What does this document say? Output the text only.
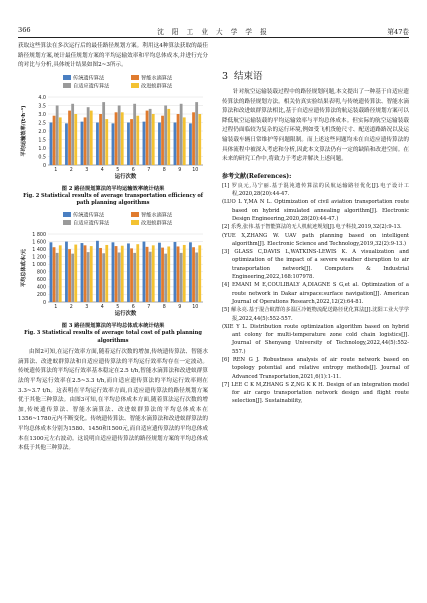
366	沈 阳 工 业 大 学 学 报	第47卷

获取这些算法在多次运行后的最佳路径规划方案。利用这4种算法获取的最佳路径规划方案,统计最佳规划方案的平均运输效率和平均总体成本,并进行充分的对比与分析,具体统计结果如图2~3所示。

传统遗传算法	智能水滴算法
自适应遗传算法	改进蚁群算法
0
0.5
1.0
1.5
2.0
2.5
3.0
3.5
4.0
1	2	3	4	5	6	7	8	9 10
运行次数
平均运输效率/(t·h⁻¹)
图 2 路径规划算法的平均运输效率统计结果
Fig. 2 Statistical results of average transportation efficiency of path planning algorithms
传统遗传算法	智能水滴算法
自适应遗传算法	改进蚁群算法
0
200
400
600
800
1 000
1 200
1 400
1 600
1 800
1	2	3	4	5	6	7	8	9 10
运行次数
平均总体成本/元
图 3 路径规划算法的平均总体成本统计结果
Fig. 3 Statistical results of average total cost of path planning algorithms

由图2可知,在运行效率方面,随着运行次数的增加,传统遗传算法、智能水滴算法、改进蚁群算法和自适应遗传算法的平均运行效率均存在一定波动。传统遗传算法的平均运行效率基本稳定在2.5 t/h,智能水滴算法和改进蚁群算法的平均运行效率在2.5~3.3 t/h,而自适应遗传算法的平均运行效率则在3.3~3.7 t/h。这表明在平均运行效率方面,自适应遗传算法的路径规划方案优于其他三种算法。由图3可知,在平均总体成本方面,随着算法运行次数的增加,传统遗传算法、智能水滴算法、改进蚁群算法的平均总体成本在1356~1780元内不断变化。传统遗传算法、智能水滴算法和改进蚁群算法的平均总体成本分别为1580、1450和1500元,而自适应遗传算法的平均总体成本在1300元左右波动。这说明自适应遗传算法的路径规划方案的平均总体成本低于其他三种算法。

3 结束语

针对航空运输装载过程中的路径规划问题,本文提出了一种基于自适应遗传算法的路径规划方法。相关仿真实验结果表明,与传统遗传算法、智能水滴算法和改进蚁群算法相比,基于自适应遗传算法的航运装载路径规划方案可以降低航空运输装载的平均运输效率与平均总体成本。但实际的航空运输装载过程仍面临较为复杂的运行环境,例如受飞机货舱尺寸、配送道路路况以及运输装载车辆日常维护等问题限制。而上述这些问题均未在自适应遗传算法的具体流程中被深入考虑和分析,因此本文算法仍有一定的缺陷和改进空间。在未来的研究工作中,将致力于考虑并解决上述问题。

参考文献(References):

[1] 罗良元,马宁丽.基于混沌遗传算法的民航运输路径优化[J].电子设计工程,2020,28(20):44-47.

(LUO L Y,MA N L. Optimization of civil aviation transportation route based on hybrid simulated annealing algorithm[J]. Electronic Design Engineering,2020,28(20):44-47.)

[2] 乐秀,张伟.基于智能算法的无人机航迹规划[J].电子科技,2019,32(2):9-13.

(YUE X,ZHANG W. UAV path planning based on intelligent algorithm[J]. Electronic Science and Technology,2019,32(2):9-13.)

[3] GLASS C,DAVIS L,WATKINS-LEWIS K. A visualization and optimization of the impact of a severe weather disruption to air transportation network[J]. Computers & Industrial Engineering,2022,168:107978.

[4] EMANI M E,COULIBALY A,DIAGNE S G,et al. Optimization of a route network in Dakar airspace:surface navigation[J]. American Journal of Operations Research,2022,12(2):64-81.

[5] 解永亮.基于混合蚁群的多温区冷链物流配送路径优化算法[J].沈阳工业大学学报,2022,44(5):552-557.

(XIE Y L. Distribution route optimization algorithm based on hybrid ant colony for multi-temperature zone cold chain logistics[J]. Journal of Shenyang University of Technology,2022,44(5):552-557.)

[6] REN G J. Robustness analysis of air route network based on topology potential and relative entropy methods[J]. Journal of Advanced Transportation,2021,6(1):1-11.

[7] LEE C K M,ZHANG S Z,NG K K H. Design of an integration model for air cargo transportation network design and flight route selection[J]. Sustainability,
